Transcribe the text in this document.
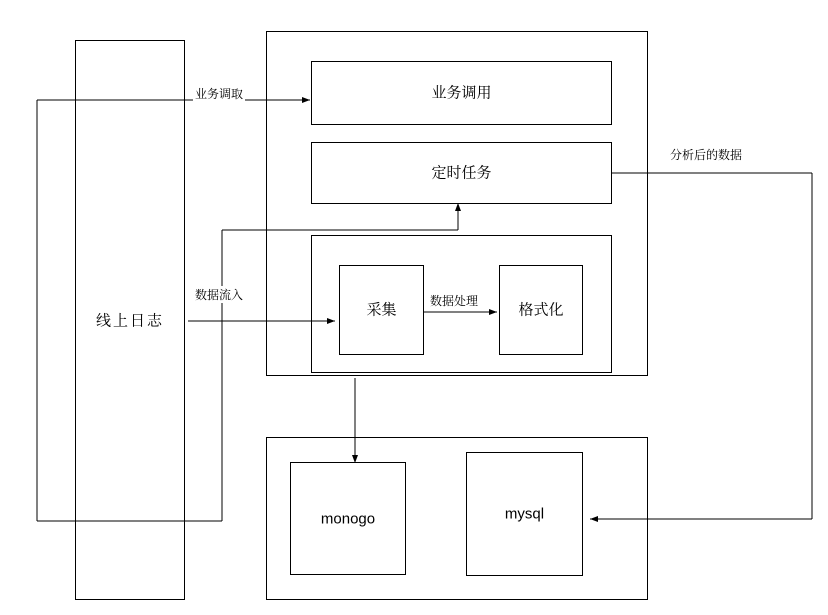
线上日志
业务调用
定时任务
采集	格式化
monogo	mysql
业务调取
数据流入	数据处理
分析后的数据
